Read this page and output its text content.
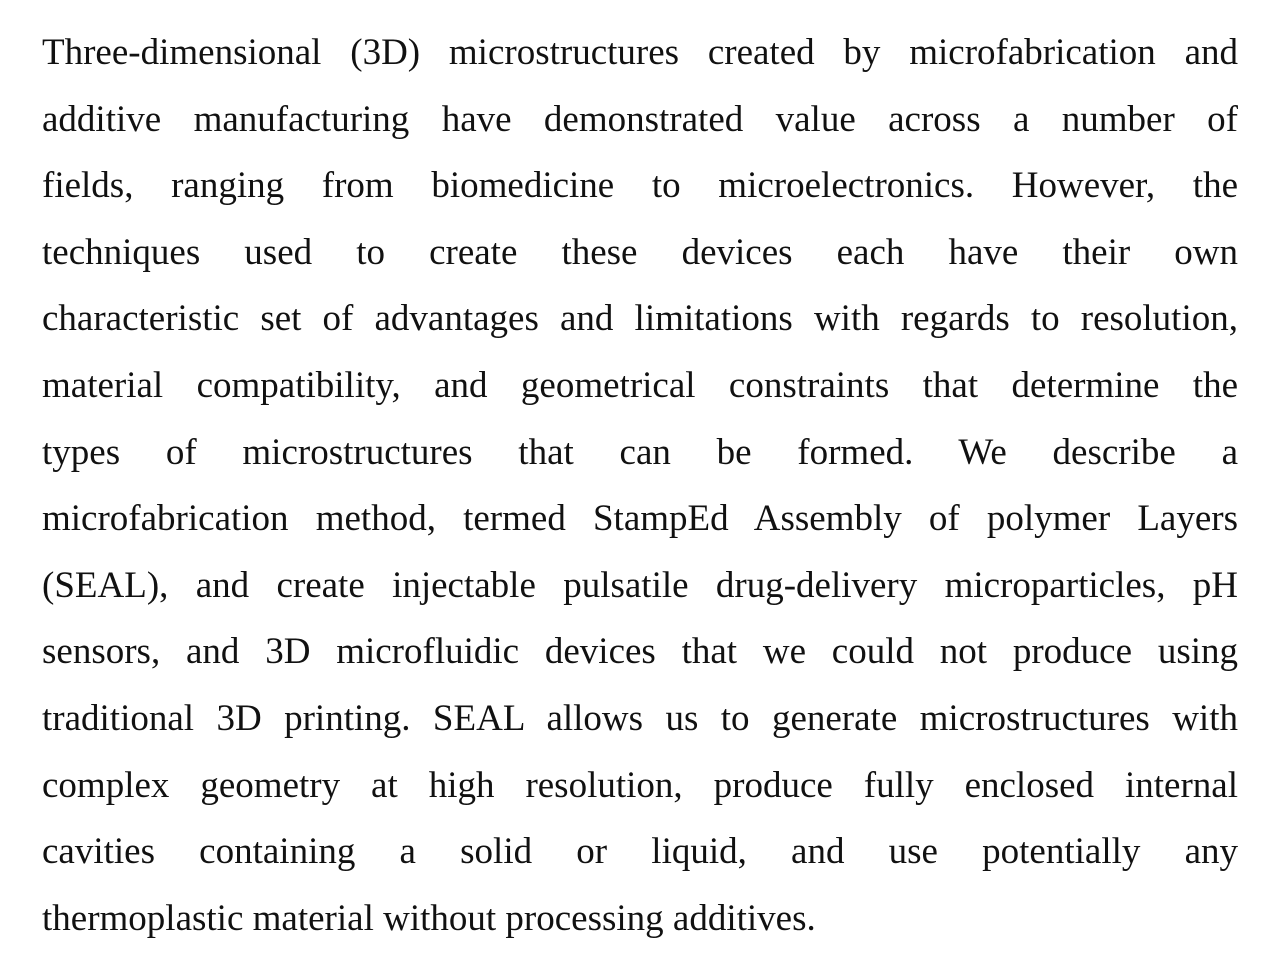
Three-dimensional (3D) microstructures created by microfabrication and
additive manufacturing have demonstrated value across a number of
fields, ranging from biomedicine to microelectronics. However, the
techniques used to create these devices each have their own
characteristic set of advantages and limitations with regards to resolution,
material compatibility, and geometrical constraints that determine the
types of microstructures that can be formed. We describe a
microfabrication method, termed StampEd Assembly of polymer Layers
(SEAL), and create injectable pulsatile drug-delivery microparticles, pH
sensors, and 3D microfluidic devices that we could not produce using
traditional 3D printing. SEAL allows us to generate microstructures with
complex geometry at high resolution, produce fully enclosed internal
cavities containing a solid or liquid, and use potentially any
thermoplastic material without processing additives.
